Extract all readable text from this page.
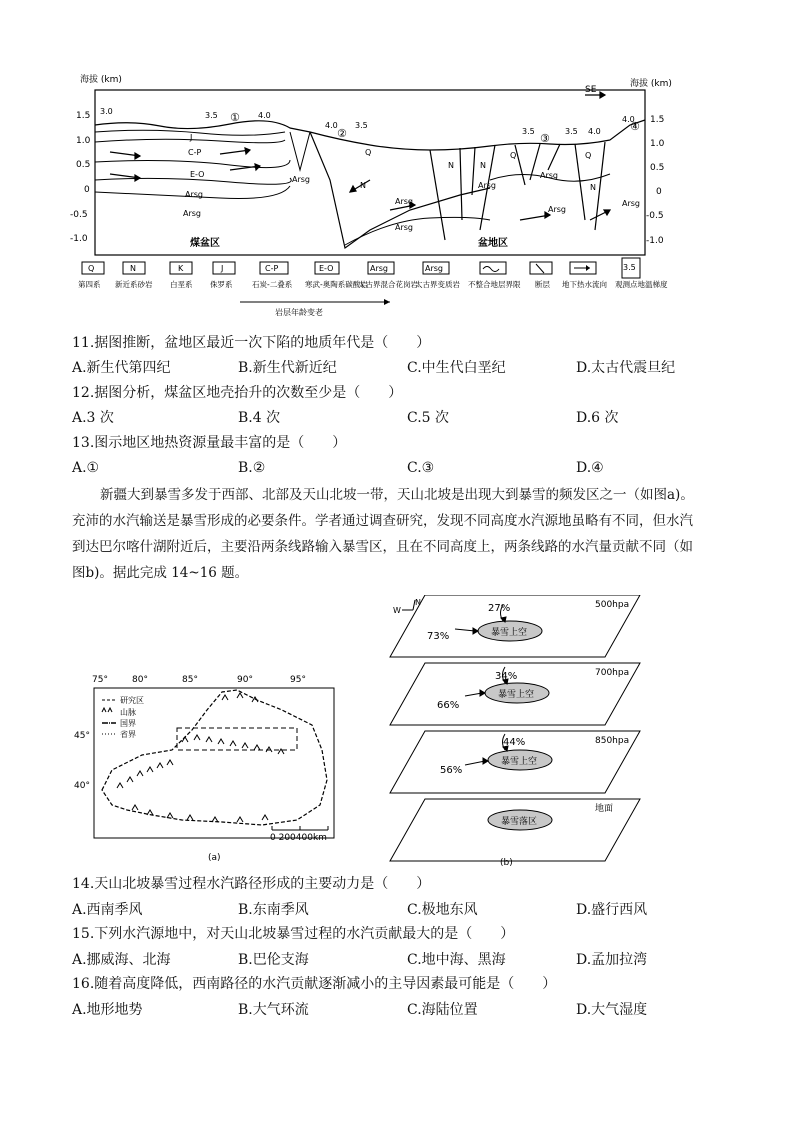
海拔 (km)	海拔 (km)
1.5
1.0
0.5
0
-0.5
-1.0
1.5
1.0
0.5
0
-0.5
-1.0
SE
3.0	3.5	4.0
4.0 3.5
3.5	3.5 4.0
4.0
①
②	③
④
J
C-P
E-O
Arsg
Arsg
Arsg
Q
N
Arsg
Arsg
Q
N	N
Q
Arsg
Arsg
N
Arsg
Arsg
煤盆区	盆地区
Q	N	K	J	C-P	E-O	Arsg	Arsg	3.5
第四系 新近系砂岩 白垩系 侏罗系	石炭-二叠系 寒武-奥陶系碳酸岩
太古界混合花岗岩
太古界变质岩 不整合地层界限 断层 地下热水流向 观测点地温梯度
岩层年龄变老
11.据图推断，盆地区最近一次下陷的地质年代是（　　）
A.新生代第四纪	B.新生代新近纪	C.中生代白垩纪	D.太古代震旦纪
12.据图分析，煤盆区地壳抬升的次数至少是（　　）
A.3 次	B.4 次	C.5 次	D.6 次
13.图示地区地热资源量最丰富的是（　　）
A.①	B.②	C.③	D.④
新疆大到暴雪多发于西部、北部及天山北坡一带，天山北坡是出现大到暴雪的频发区之一（如图a)。
充沛的水汽输送是暴雪形成的必要条件。学者通过调查研究，发现不同高度水汽源地虽略有不同，但水汽
到达巴尔喀什湖附近后，主要沿两条线路输入暴雪区，且在不同高度上，两条线路的水汽量贡献不同（如
图b)。据此完成 14~16 题。
75°	80°	85°	90°	95°
45°
40°
研究区
山脉
国界
省界
0 200400km
(a)
W
N	500hpa
27%
73%	暴雪上空
700hpa
34%
66%
暴雪上空
850hpa
44%
56%
暴雪上空
地面
暴雪落区
(b)
14.天山北坡暴雪过程水汽路径形成的主要动力是（　　）
A.西南季风	B.东南季风	C.极地东风	D.盛行西风
15.下列水汽源地中，对天山北坡暴雪过程的水汽贡献最大的是（　　）
A.挪威海、北海	B.巴伦支海	C.地中海、黑海	D.孟加拉湾
16.随着高度降低，西南路径的水汽贡献逐渐减小的主导因素最可能是（　　）
A.地形地势	B.大气环流	C.海陆位置	D.大气湿度
